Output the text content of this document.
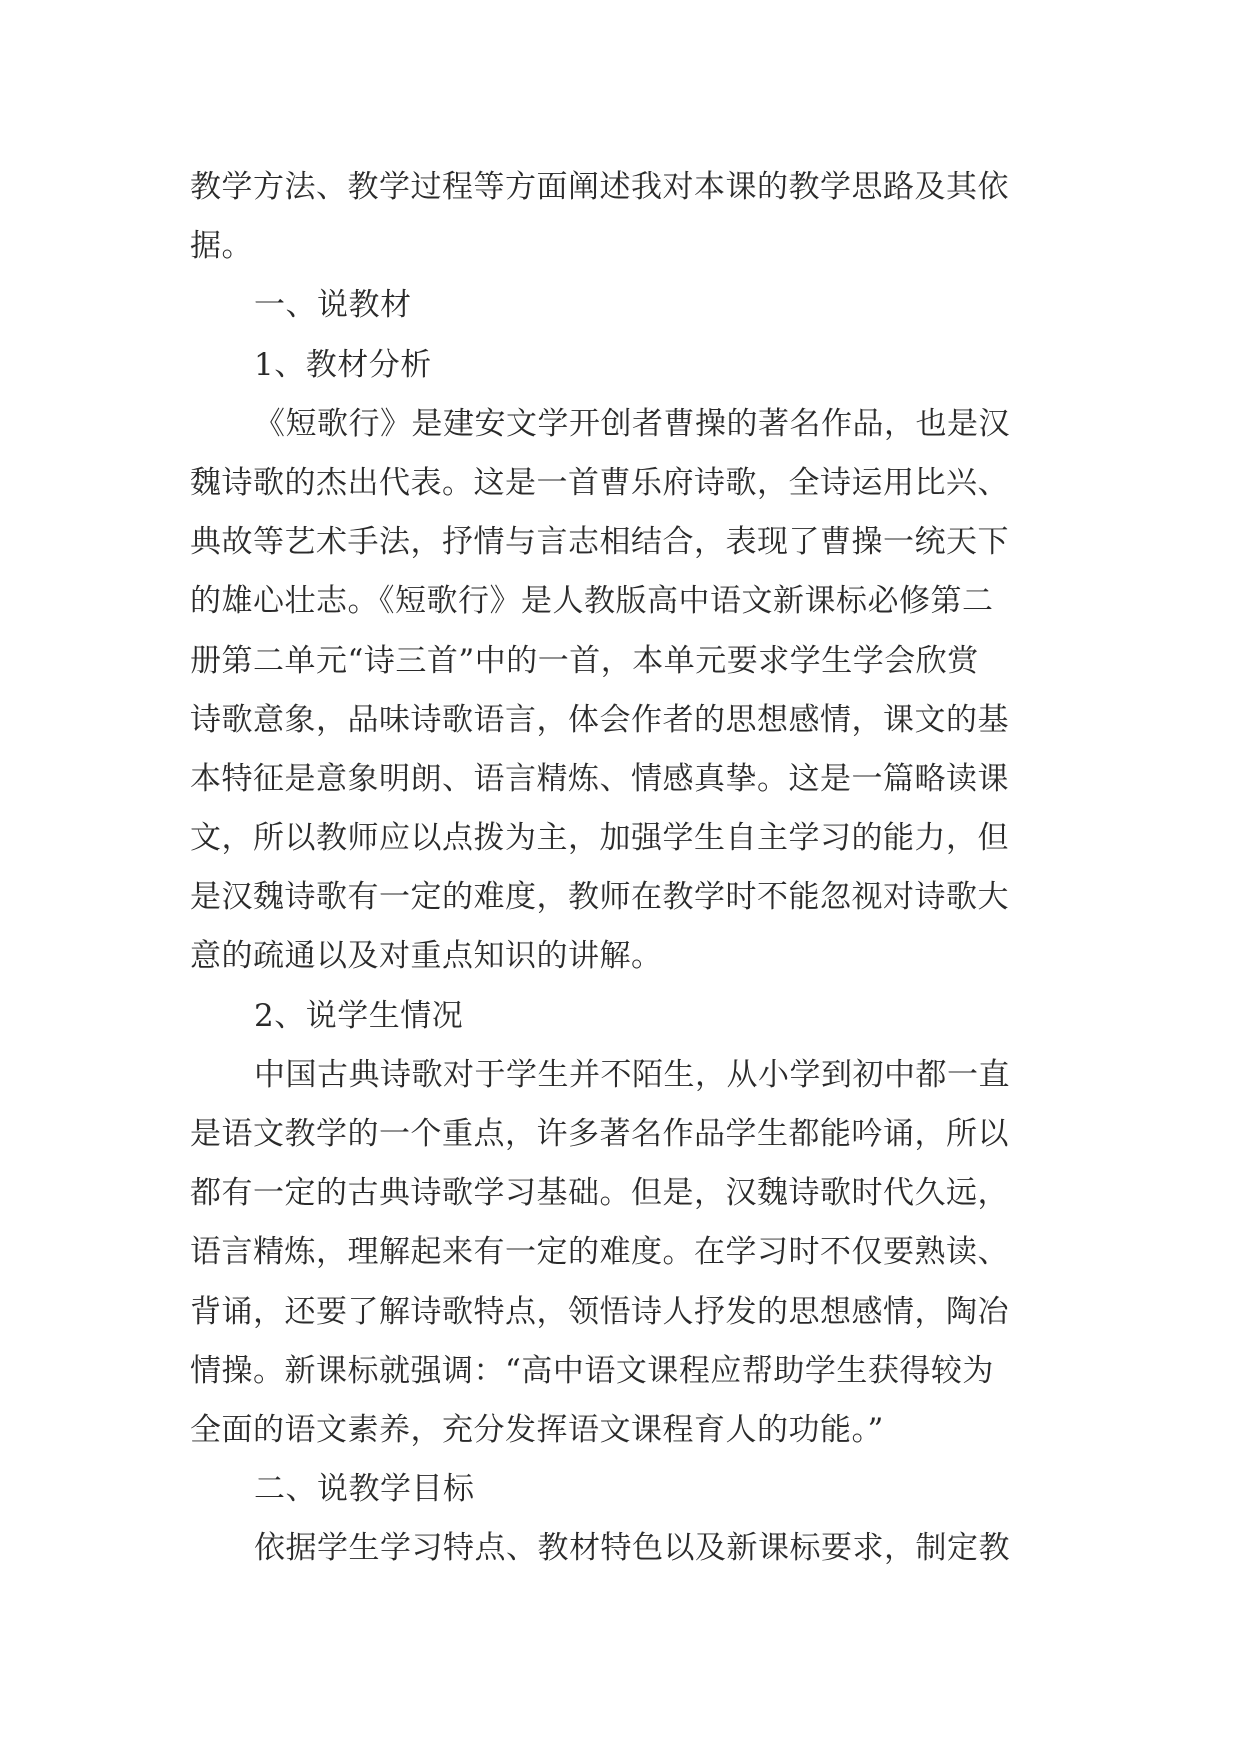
教学方法、教学过程等方面阐述我对本课的教学思路及其依
据。
一、说教材
1、教材分析
《短歌行》是建安文学开创者曹操的著名作品，也是汉
魏诗歌的杰出代表。这是一首曹乐府诗歌，全诗运用比兴、
典故等艺术手法，抒情与言志相结合，表现了曹操一统天下
的雄心壮志。《短歌行》是人教版高中语文新课标必修第二
册第二单元“诗三首”中的一首，本单元要求学生学会欣赏
诗歌意象，品味诗歌语言，体会作者的思想感情，课文的基
本特征是意象明朗、语言精炼、情感真挚。这是一篇略读课
文，所以教师应以点拨为主，加强学生自主学习的能力，但
是汉魏诗歌有一定的难度，教师在教学时不能忽视对诗歌大
意的疏通以及对重点知识的讲解。
2、说学生情况
中国古典诗歌对于学生并不陌生，从小学到初中都一直
是语文教学的一个重点，许多著名作品学生都能吟诵，所以
都有一定的古典诗歌学习基础。但是，汉魏诗歌时代久远，
语言精炼，理解起来有一定的难度。在学习时不仅要熟读、
背诵，还要了解诗歌特点，领悟诗人抒发的思想感情，陶冶
情操。新课标就强调：“高中语文课程应帮助学生获得较为
全面的语文素养，充分发挥语文课程育人的功能。”
二、说教学目标
依据学生学习特点、教材特色以及新课标要求，制定教
